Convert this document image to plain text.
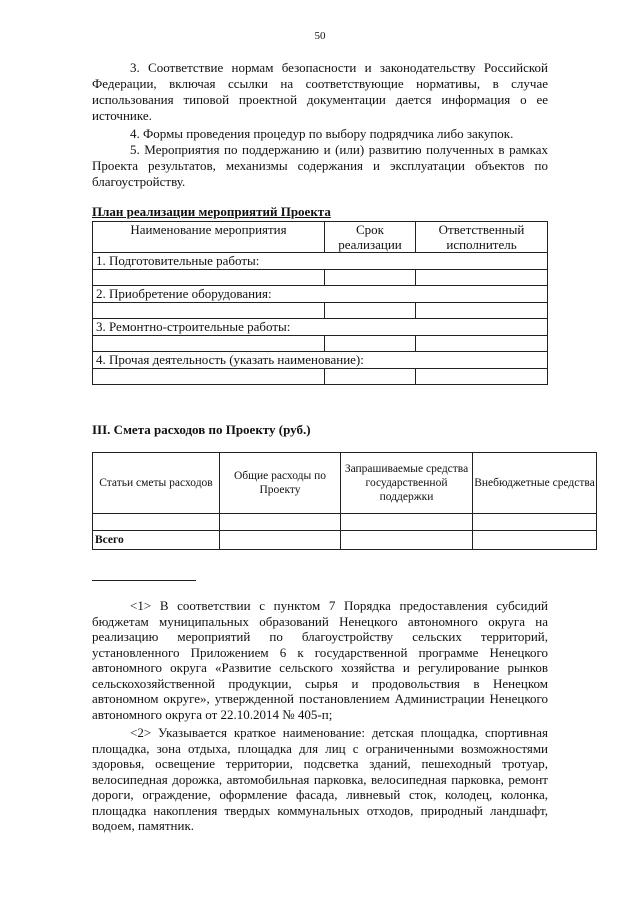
50

3. Соответствие нормам безопасности и законодательству Российской Федерации, включая ссылки на соответствующие нормативы, в случае использования типовой проектной документации дается информация о ее источнике.

4. Формы проведения процедур по выбору подрядчика либо закупок.

5. Мероприятия по поддержанию и (или) развитию полученных в рамках Проекта результатов, механизмы содержания и эксплуатации объектов по благоустройству.

План реализации мероприятий Проекта

Наименование мероприятия	Срок реализации	Ответственный исполнитель
1. Подготовительные работы:		

2. Приобретение оборудования:		

3. Ремонтно-строительные работы:		

4. Прочая деятельность (указать наименование):		

III. Смета расходов по Проекту (руб.)

Статьи сметы расходов	Общие расходы по Проекту	Запрашиваемые средства государственной поддержки	Внебюджетные средства

Всего			

<1> В соответствии с пунктом 7 Порядка предоставления субсидий бюджетам муниципальных образований Ненецкого автономного округа на реализацию мероприятий по благоустройству сельских территорий, установленного Приложением 6 к государственной программе Ненецкого автономного округа «Развитие сельского хозяйства и регулирование рынков сельскохозяйственной продукции, сырья и продовольствия в Ненецком автономном округе», утвержденной постановлением Администрации Ненецкого автономного округа от 22.10.2014 № 405-п;

<2> Указывается краткое наименование: детская площадка, спортивная площадка, зона отдыха, площадка для лиц с ограниченными возможностями здоровья, освещение территории, подсветка зданий, пешеходный тротуар, велосипедная дорожка, автомобильная парковка, велосипедная парковка, ремонт дороги, ограждение, оформление фасада, ливневый сток, колодец, колонка, площадка накопления твердых коммунальных отходов, природный ландшафт, водоем, памятник.
